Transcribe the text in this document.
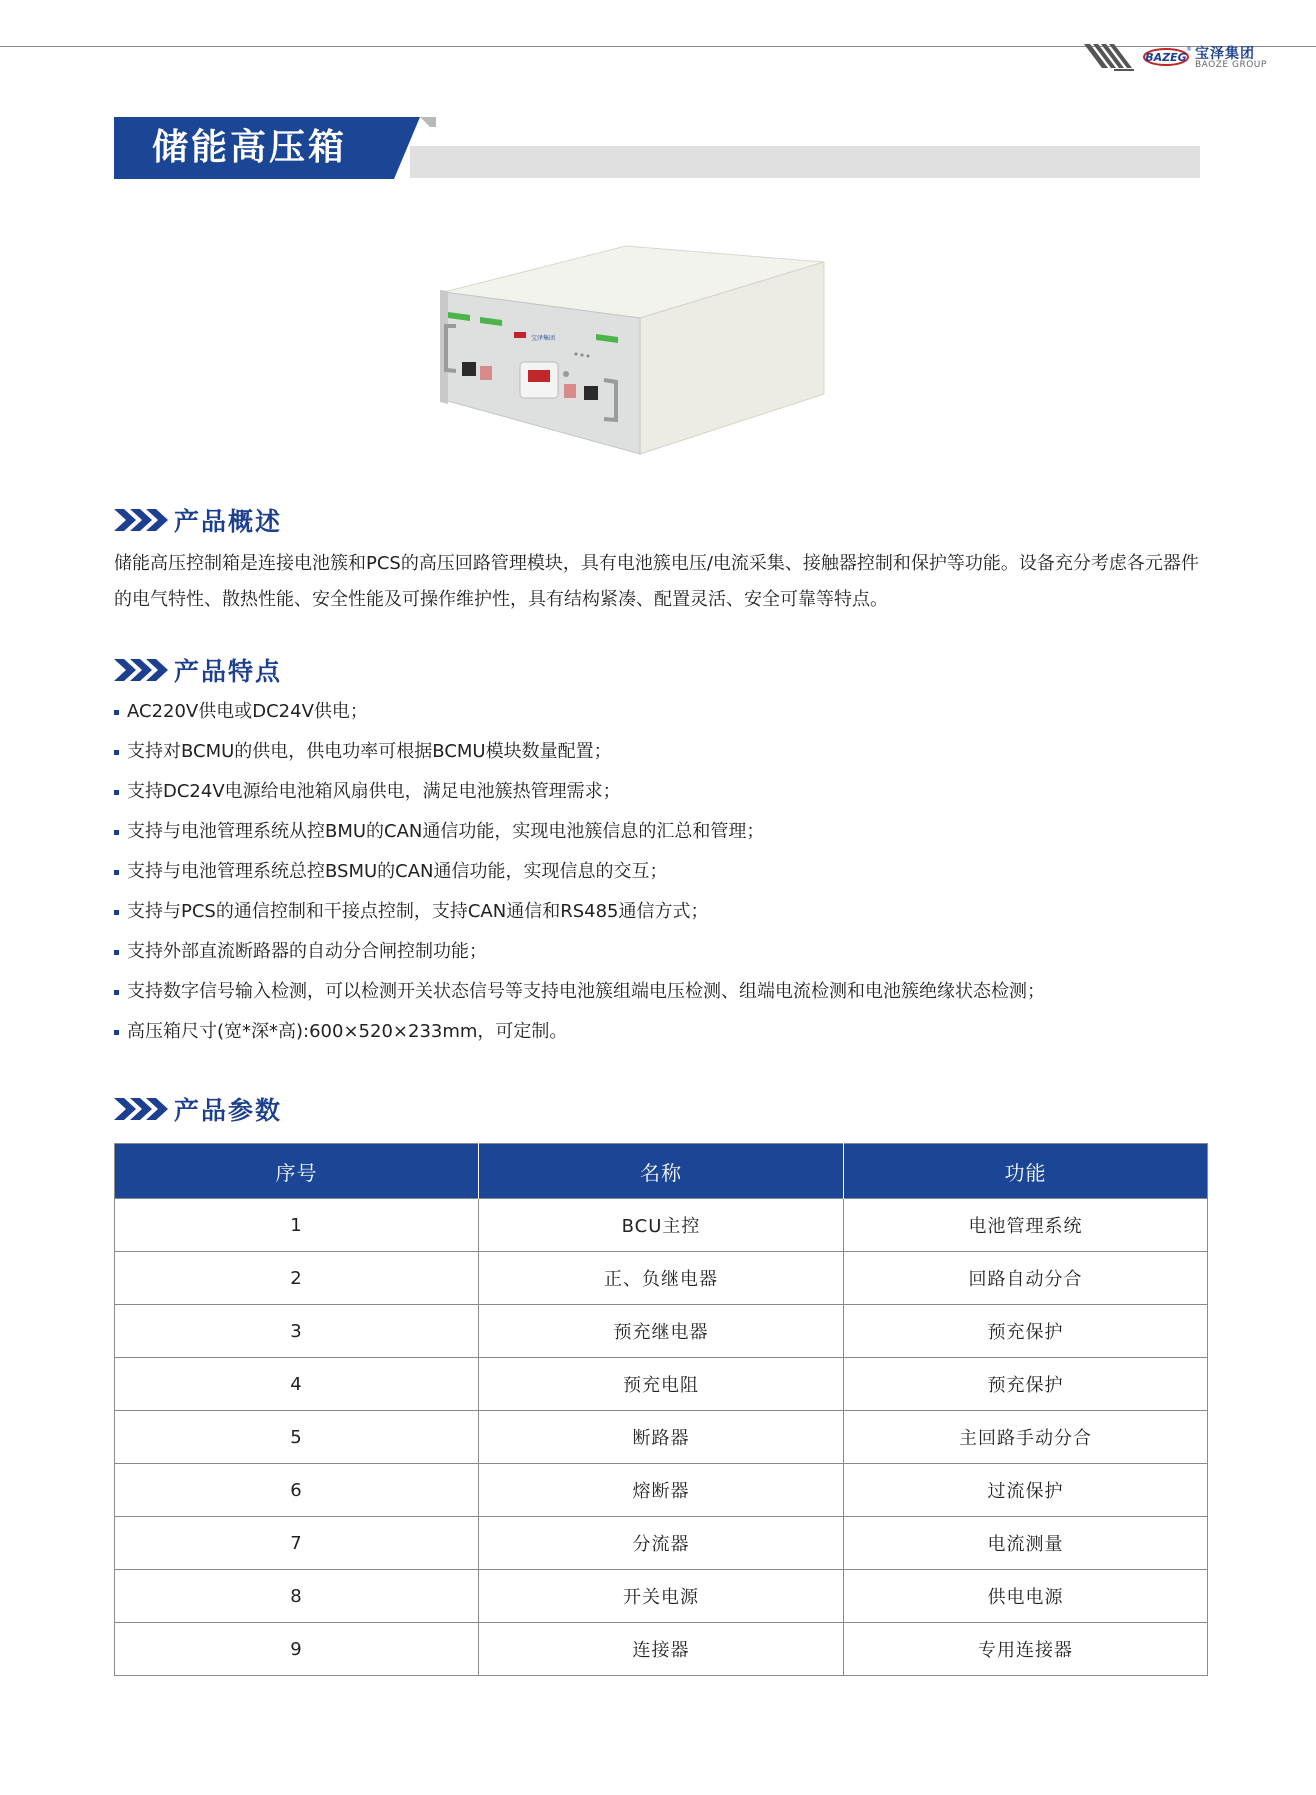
BAZEG
® 宝泽集团
BAOZE GROUP
储能高压箱
宝泽集团
产品概述
储能高压控制箱是连接电池簇和PCS的高压回路管理模块，具有电池簇电压/电流采集、接触器控制和保护等功能。设备充分考虑各元器件的电气特性、散热性能、安全性能及可操作维护性，具有结构紧凑、配置灵活、安全可靠等特点。
产品特点
AC220V供电或DC24V供电；
支持对BCMU的供电，供电功率可根据BCMU模块数量配置；
支持DC24V电源给电池箱风扇供电，满足电池簇热管理需求；
支持与电池管理系统从控BMU的CAN通信功能，实现电池簇信息的汇总和管理；
支持与电池管理系统总控BSMU的CAN通信功能，实现信息的交互；
支持与PCS的通信控制和干接点控制，支持CAN通信和RS485通信方式；
支持外部直流断路器的自动分合闸控制功能；
支持数字信号输入检测，可以检测开关状态信号等支持电池簇组端电压检测、组端电流检测和电池簇绝缘状态检测；
高压箱尺寸(宽*深*高):600×520×233mm，可定制。
产品参数
序号	名称	功能
1	BCU主控	电池管理系统
2	正、负继电器	回路自动分合
3	预充继电器	预充保护
4	预充电阻	预充保护
5	断路器	主回路手动分合
6	熔断器	过流保护
7	分流器	电流测量
8	开关电源	供电电源
9	连接器	专用连接器
